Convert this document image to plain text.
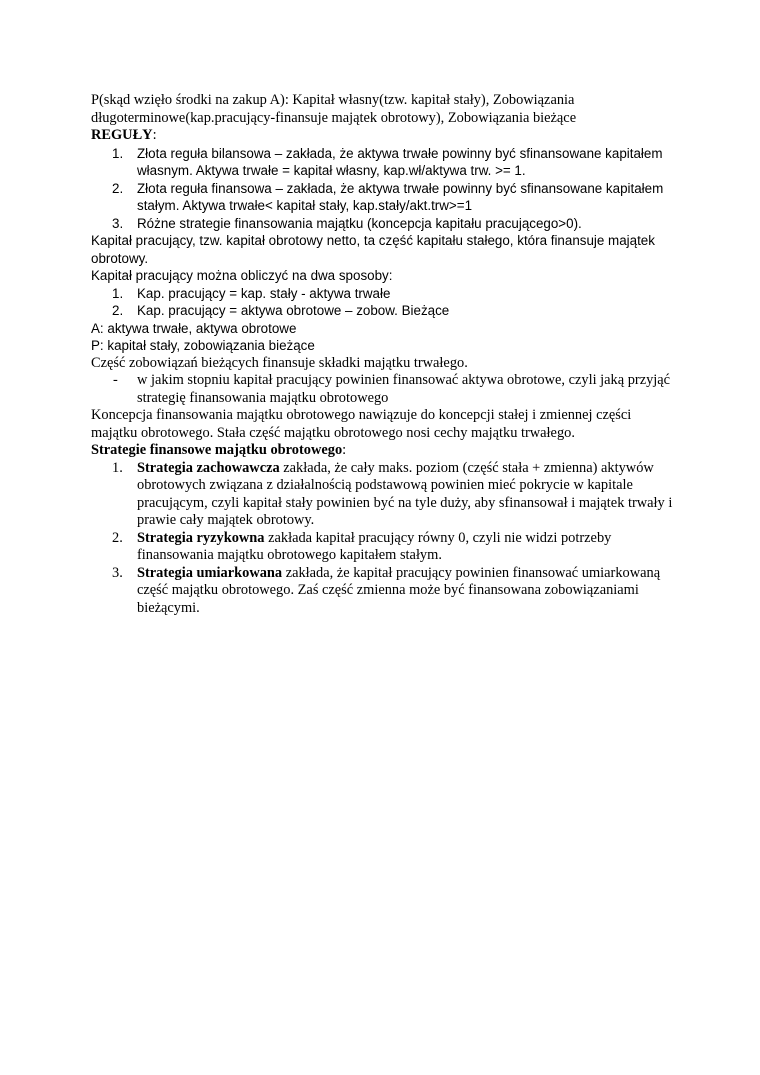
P(skąd wzięło środki na zakup A): Kapitał własny(tzw. kapitał stały), Zobowiązania długoterminowe(kap.pracujący-finansuje majątek obrotowy), Zobowiązania bieżące

REGUŁY:

1. Złota reguła bilansowa – zakłada, że aktywa trwałe powinny być sfinansowane kapitałem własnym. Aktywa trwałe = kapitał własny, kap.wł/aktywa trw. >= 1.
2. Złota reguła finansowa – zakłada, że aktywa trwałe powinny być sfinansowane kapitałem stałym. Aktywa trwałe< kapitał stały, kap.stały/akt.trw>=1
3. Różne strategie finansowania majątku (koncepcja kapitału pracującego>0).

Kapitał pracujący, tzw. kapitał obrotowy netto, ta część kapitału stałego, która finansuje majątek obrotowy.

Kapitał pracujący można obliczyć na dwa sposoby:

1. Kap. pracujący = kap. stały - aktywa trwałe
2. Kap. pracujący = aktywa obrotowe – zobow. Bieżące

A: aktywa trwałe, aktywa obrotowe

P: kapitał stały, zobowiązania bieżące

Część zobowiązań bieżących finansuje składki majątku trwałego.

- w jakim stopniu kapitał pracujący powinien finansować aktywa obrotowe, czyli jaką przyjąć strategię finansowania majątku obrotowego

Koncepcja finansowania majątku obrotowego nawiązuje do koncepcji stałej i zmiennej części majątku obrotowego. Stała część majątku obrotowego nosi cechy majątku trwałego.

Strategie finansowe majątku obrotowego:

1. Strategia zachowawcza zakłada, że cały maks. poziom (część stała + zmienna) aktywów obrotowych związana z działalnością podstawową powinien mieć pokrycie w kapitale pracującym, czyli kapitał stały powinien być na tyle duży, aby sfinansował i majątek trwały i prawie cały majątek obrotowy.
2. Strategia ryzykowna zakłada kapitał pracujący równy 0, czyli nie widzi potrzeby finansowania majątku obrotowego kapitałem stałym.
3. Strategia umiarkowana zakłada, że kapitał pracujący powinien finansować umiarkowaną część majątku obrotowego. Zaś część zmienna może być finansowana zobowiązaniami bieżącymi.
